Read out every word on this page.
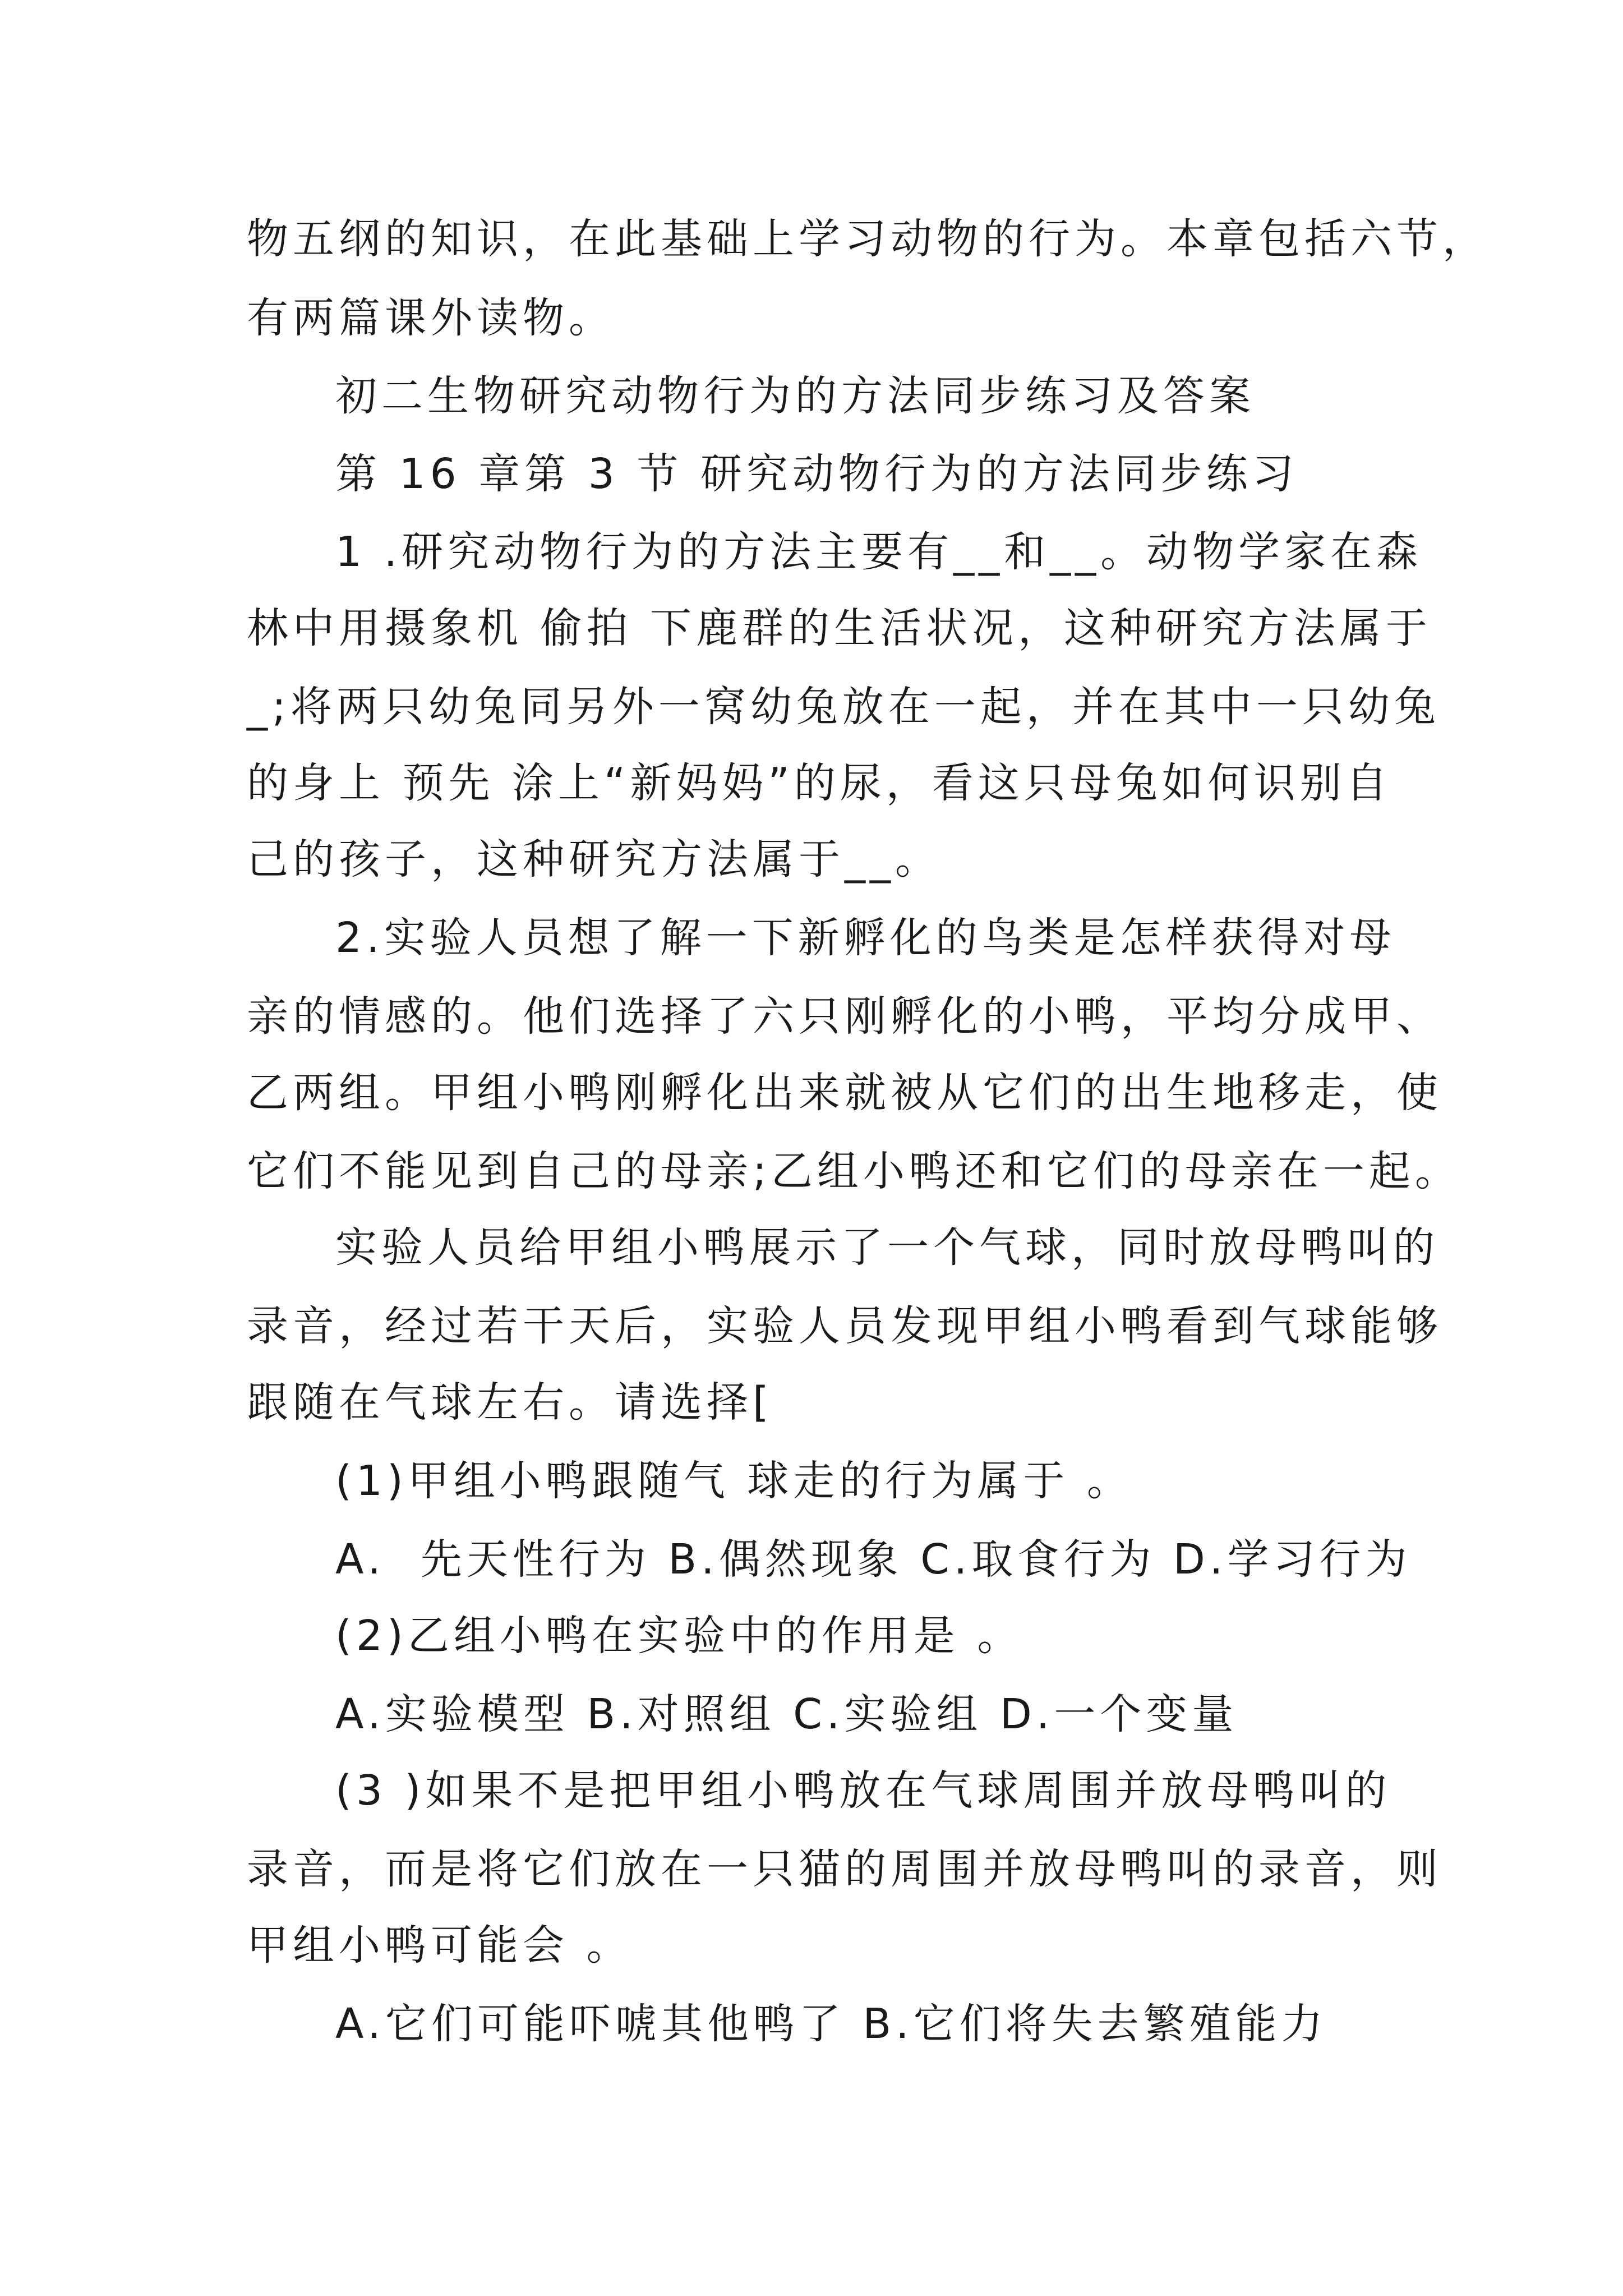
物五纲的知识，在此基础上学习动物的行为。本章包括六节，
有两篇课外读物。
初二生物研究动物行为的方法同步练习及答案
第 16 章第 3 节 研究动物行为的方法同步练习
1 .研究动物行为的方法主要有__和__。动物学家在森
林中用摄象机 偷拍 下鹿群的生活状况，这种研究方法属于
_;将两只幼兔同另外一窝幼兔放在一起，并在其中一只幼兔
的身上 预先 涂上“新妈妈”的尿，看这只母兔如何识别自
己的孩子，这种研究方法属于__。
2.实验人员想了解一下新孵化的鸟类是怎样获得对母
亲的情感的。他们选择了六只刚孵化的小鸭，平均分成甲、
乙两组。甲组小鸭刚孵化出来就被从它们的出生地移走，使
它们不能见到自己的母亲;乙组小鸭还和它们的母亲在一起。
实验人员给甲组小鸭展示了一个气球，同时放母鸭叫的
录音，经过若干天后，实验人员发现甲组小鸭看到气球能够
跟随在气球左右。请选择[
(1)甲组小鸭跟随气 球走的行为属于 。
A.  先天性行为 B.偶然现象 C.取食行为 D.学习行为
(2)乙组小鸭在实验中的作用是 。
A.实验模型 B.对照组 C.实验组 D.一个变量
(3 )如果不是把甲组小鸭放在气球周围并放母鸭叫的
录音，而是将它们放在一只猫的周围并放母鸭叫的录音，则
甲组小鸭可能会 。
A.它们可能吓唬其他鸭了 B.它们将失去繁殖能力
